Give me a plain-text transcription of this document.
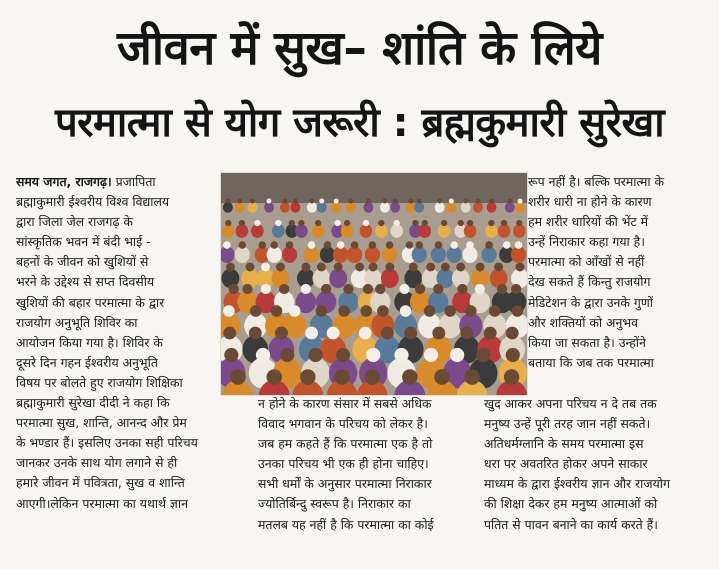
जीवन में सुख– शांति के लिये
परमात्मा से योग जरूरी : ब्रह्मकुमारी सुरेखा
समय जगत, राजगढ़। प्रजापिता
ब्रह्माकुमारी ईश्वरीय विश्व विद्यालय
द्वारा जिला जेल राजगढ़ के
सांस्कृतिक भवन में बंदी भाई -
बहनों के जीवन को खुशियों से
भरने के उद्देश्य से सप्त दिवसीय
खुशियों की बहार परमात्मा के द्वार
राजयोग अनुभूति शिविर का
आयोजन किया गया है। शिविर के
दूसरे दिन गहन ईश्वरीय अनुभूति
विषय पर बोलते हुए राजयोग शिक्षिका
ब्रह्माकुमारी सुरेखा दीदी ने कहा कि
परमात्मा सुख, शान्ति, आनन्द और प्रेम
के भण्डार हैं। इसलिए उनका सही परिचय
जानकर उनके साथ योग लगाने से ही
हमारे जीवन में पवित्रता, सुख व शान्ति
आएगी।लेकिन परमात्मा का यथार्थ ज्ञान
न होने के कारण संसार में सबसे अधिक
विवाद भगवान के परिचय को लेकर है।
जब हम कहते हैं कि परमात्मा एक है तो
उनका परिचय भी एक ही होना चाहिए।
सभी धर्मों के अनुसार परमात्मा निराकार
ज्योतिर्बिन्दु स्वरूप है। निराकार का
मतलब यह नहीं है कि परमात्मा का कोई
रूप नहीं है। बल्कि परमात्मा के
शरीर धारी ना होने के कारण
हम शरीर धारियों की भेंट में
उन्हें निराकार कहा गया है।
परमात्मा को आँखों से नहीं
देख सकते हैं किन्तु राजयोग
मेडिटेशन के द्वारा उनके गुणों
और शक्तियों को अनुभव
किया जा सकता है। उन्होंने
बताया कि जब तक परमात्मा
खुद आकर अपना परिचय न दे तब तक
मनुष्य उन्हें पूरी तरह जान नहीं सकते।
अतिधर्मग्लानि के समय परमात्मा इस
धरा पर अवतरित होकर अपने साकार
माध्यम के द्वारा ईश्वरीय ज्ञान और राजयोग
की शिक्षा देकर हम मनुष्य आत्माओं को
पतित से पावन बनाने का कार्य करते हैं।
